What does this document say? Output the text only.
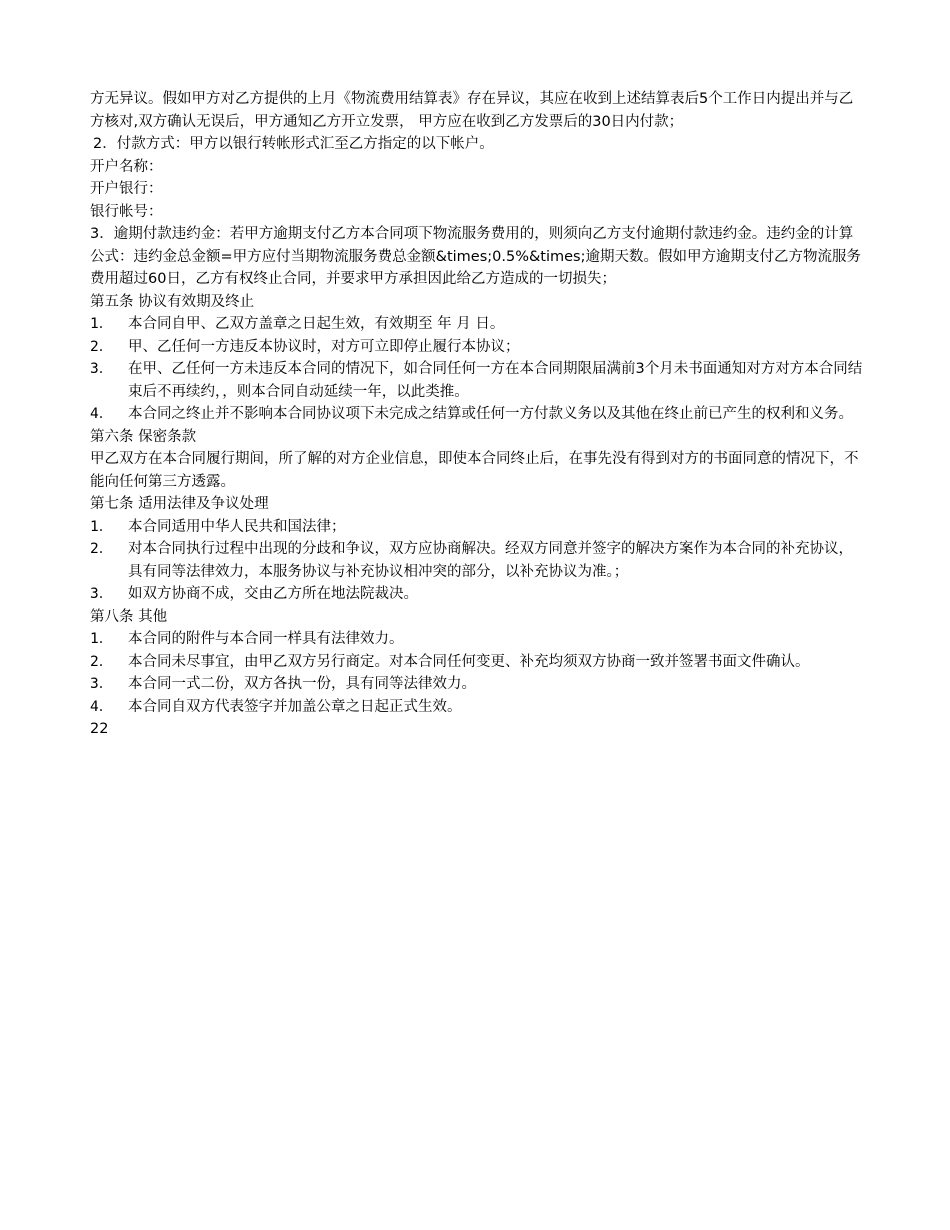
方无异议。假如甲方对乙方提供的上月《物流费用结算表》存在异议，其应在收到上述结算表后5个工作日内提出并与乙方核对,双方确认无误后，甲方通知乙方开立发票， 甲方应在收到乙方发票后的30日内付款；

2．付款方式：甲方以银行转帐形式汇至乙方指定的以下帐户。

开户名称：

开户银行：

银行帐号：

3．逾期付款违约金：若甲方逾期支付乙方本合同项下物流服务费用的，则须向乙方支付逾期付款违约金。违约金的计算公式：违约金总金额=甲方应付当期物流服务费总金额&times;0.5%&times;逾期天数。假如甲方逾期支付乙方物流服务费用超过60日，乙方有权终止合同，并要求甲方承担因此给乙方造成的一切损失；

第五条 协议有效期及终止

1．	本合同自甲、乙双方盖章之日起生效，有效期至 年 月 日。
2．	甲、乙任何一方违反本协议时，对方可立即停止履行本协议；
3．	在甲、乙任何一方未违反本合同的情况下，如合同任何一方在本合同期限届满前3个月未书面通知对方对方本合同结束后不再续约，，则本合同自动延续一年，以此类推。
4．	本合同之终止并不影响本合同协议项下未完成之结算或任何一方付款义务以及其他在终止前已产生的权利和义务。

第六条 保密条款

甲乙双方在本合同履行期间，所了解的对方企业信息，即使本合同终止后，在事先没有得到对方的书面同意的情况下，不能向任何第三方透露。

第七条 适用法律及争议处理

1．	本合同适用中华人民共和国法律；
2．	对本合同执行过程中出现的分歧和争议，双方应协商解决。经双方同意并签字的解决方案作为本合同的补充协议，具有同等法律效力，本服务协议与补充协议相冲突的部分，以补充协议为准。；
3．	如双方协商不成，交由乙方所在地法院裁决。

第八条 其他

1．	本合同的附件与本合同一样具有法律效力。
2．	本合同未尽事宜，由甲乙双方另行商定。对本合同任何变更、补充均须双方协商一致并签署书面文件确认。
3．	本合同一式二份，双方各执一份，具有同等法律效力。
4．	本合同自双方代表签字并加盖公章之日起正式生效。

22
